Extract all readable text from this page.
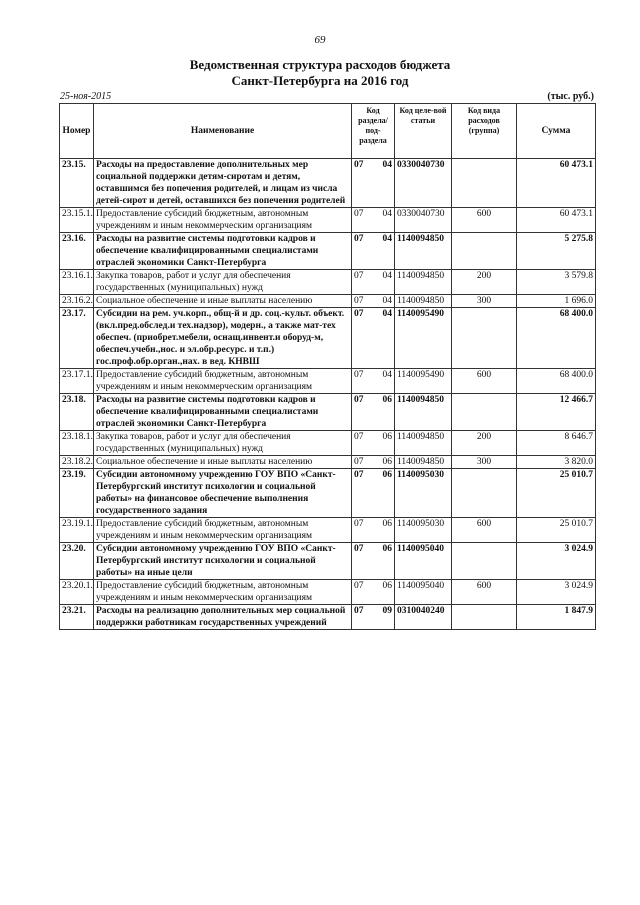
69
Ведомственная структура расходов бюджета
Санкт-Петербурга на 2016 год
25-ноя-2015	(тыс. руб.)
Номер	Наименование	Код раздела/ под-раздела	Код целе-вой статьи	Код вида расходов (группа)	Сумма
23.15.	Расходы на предоставление дополнительных мер социальной поддержки детям-сиротам и детям, оставшимся без попечения родителей, и лицам из числа детей-сирот и детей, оставшихся без попечения родителей	07 04	0330040730		60 473.1
23.15.1.	Предоставление субсидий бюджетным, автономным учреждениям и иным некоммерческим организациям	07 04	0330040730	600	60 473.1
23.16.	Расходы на развитие системы подготовки кадров и обеспечение квалифицированными специалистами отраслей экономики Санкт-Петербурга	07 04	1140094850		5 275.8
23.16.1.	Закупка товаров, работ и услуг для обеспечения государственных (муниципальных) нужд	07 04	1140094850	200	3 579.8
23.16.2.	Социальное обеспечение и иные выплаты населению	07 04	1140094850	300	1 696.0
23.17.	Субсидии на рем. уч.корп., общ-й и др. соц.-культ. объект. (вкл.пред.обслед.и тех.надзор), модерн., а также мат-тех обеспеч. (приобрет.мебели, оснащ.инвент.и оборуд-м, обеспеч.учебн.,нос. и эл.обр.ресурс. и т.п.) гос.проф.обр.орган.,нах. в вед. КНВШ	07 04	1140095490		68 400.0
23.17.1.	Предоставление субсидий бюджетным, автономным учреждениям и иным некоммерческим организациям	07 04	1140095490	600	68 400.0
23.18.	Расходы на развитие системы подготовки кадров и обеспечение квалифицированными специалистами отраслей экономики Санкт-Петербурга	07 06	1140094850		12 466.7
23.18.1.	Закупка товаров, работ и услуг для обеспечения государственных (муниципальных) нужд	07 06	1140094850	200	8 646.7
23.18.2.	Социальное обеспечение и иные выплаты населению	07 06	1140094850	300	3 820.0
23.19.	Субсидии автономному учреждению ГОУ ВПО «Санкт-Петербургский институт психологии и социальной работы» на финансовое обеспечение выполнения государственного задания	07 06	1140095030		25 010.7
23.19.1.	Предоставление субсидий бюджетным, автономным учреждениям и иным некоммерческим организациям	07 06	1140095030	600	25 010.7
23.20.	Субсидии автономному учреждению ГОУ ВПО «Санкт-Петербургский институт психологии и социальной работы» на иные цели	07 06	1140095040		3 024.9
23.20.1.	Предоставление субсидий бюджетным, автономным учреждениям и иным некоммерческим организациям	07 06	1140095040	600	3 024.9
23.21.	Расходы на реализацию дополнительных мер социальной поддержки работникам государственных учреждений	07 09	0310040240		1 847.9
